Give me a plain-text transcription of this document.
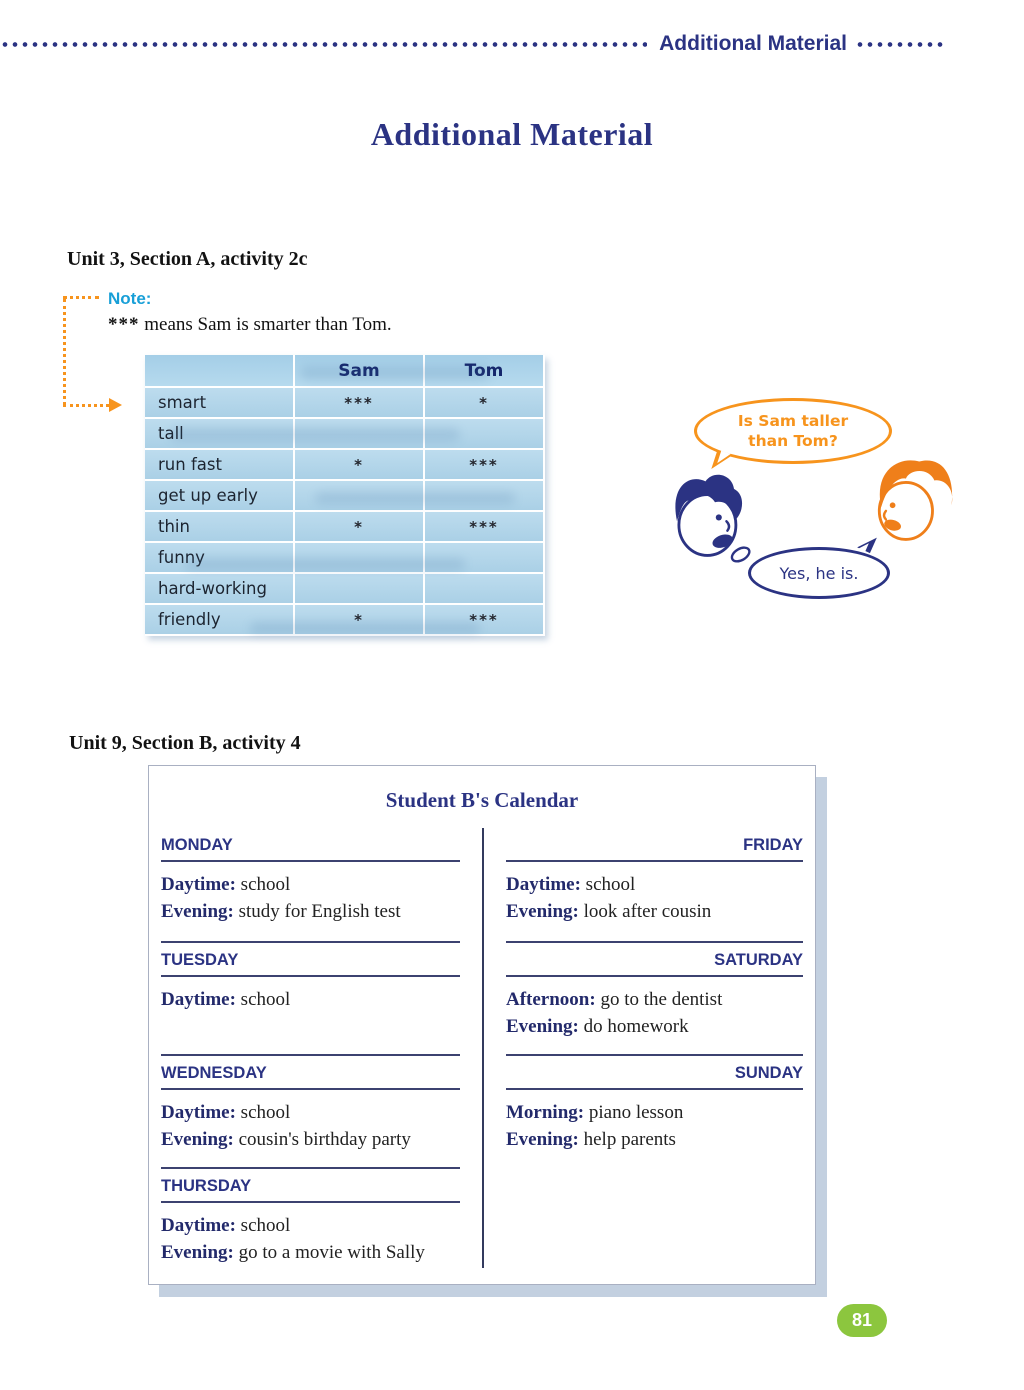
Additional Material
Additional Material
Unit 3, Section A, activity 2c
Note:
*** means Sam is smarter than Tom.
Sam	Tom
smart	***	*
tall
run fast	*	***
get up early
thin	*	***
funny
hard-working
friendly	*	***
Is Sam taller
than Tom?
Yes, he is.
Unit 9, Section B, activity 4
Student B's Calendar
MONDAY
Daytime: school
Evening: study for English test
TUESDAY
Daytime: school
WEDNESDAY
Daytime: school
Evening: cousin's birthday party
THURSDAY
Daytime: school
Evening: go to a movie with Sally
FRIDAY
Daytime: school
Evening: look after cousin
SATURDAY
Afternoon: go to the dentist
Evening: do homework
SUNDAY
Morning: piano lesson
Evening: help parents
81
